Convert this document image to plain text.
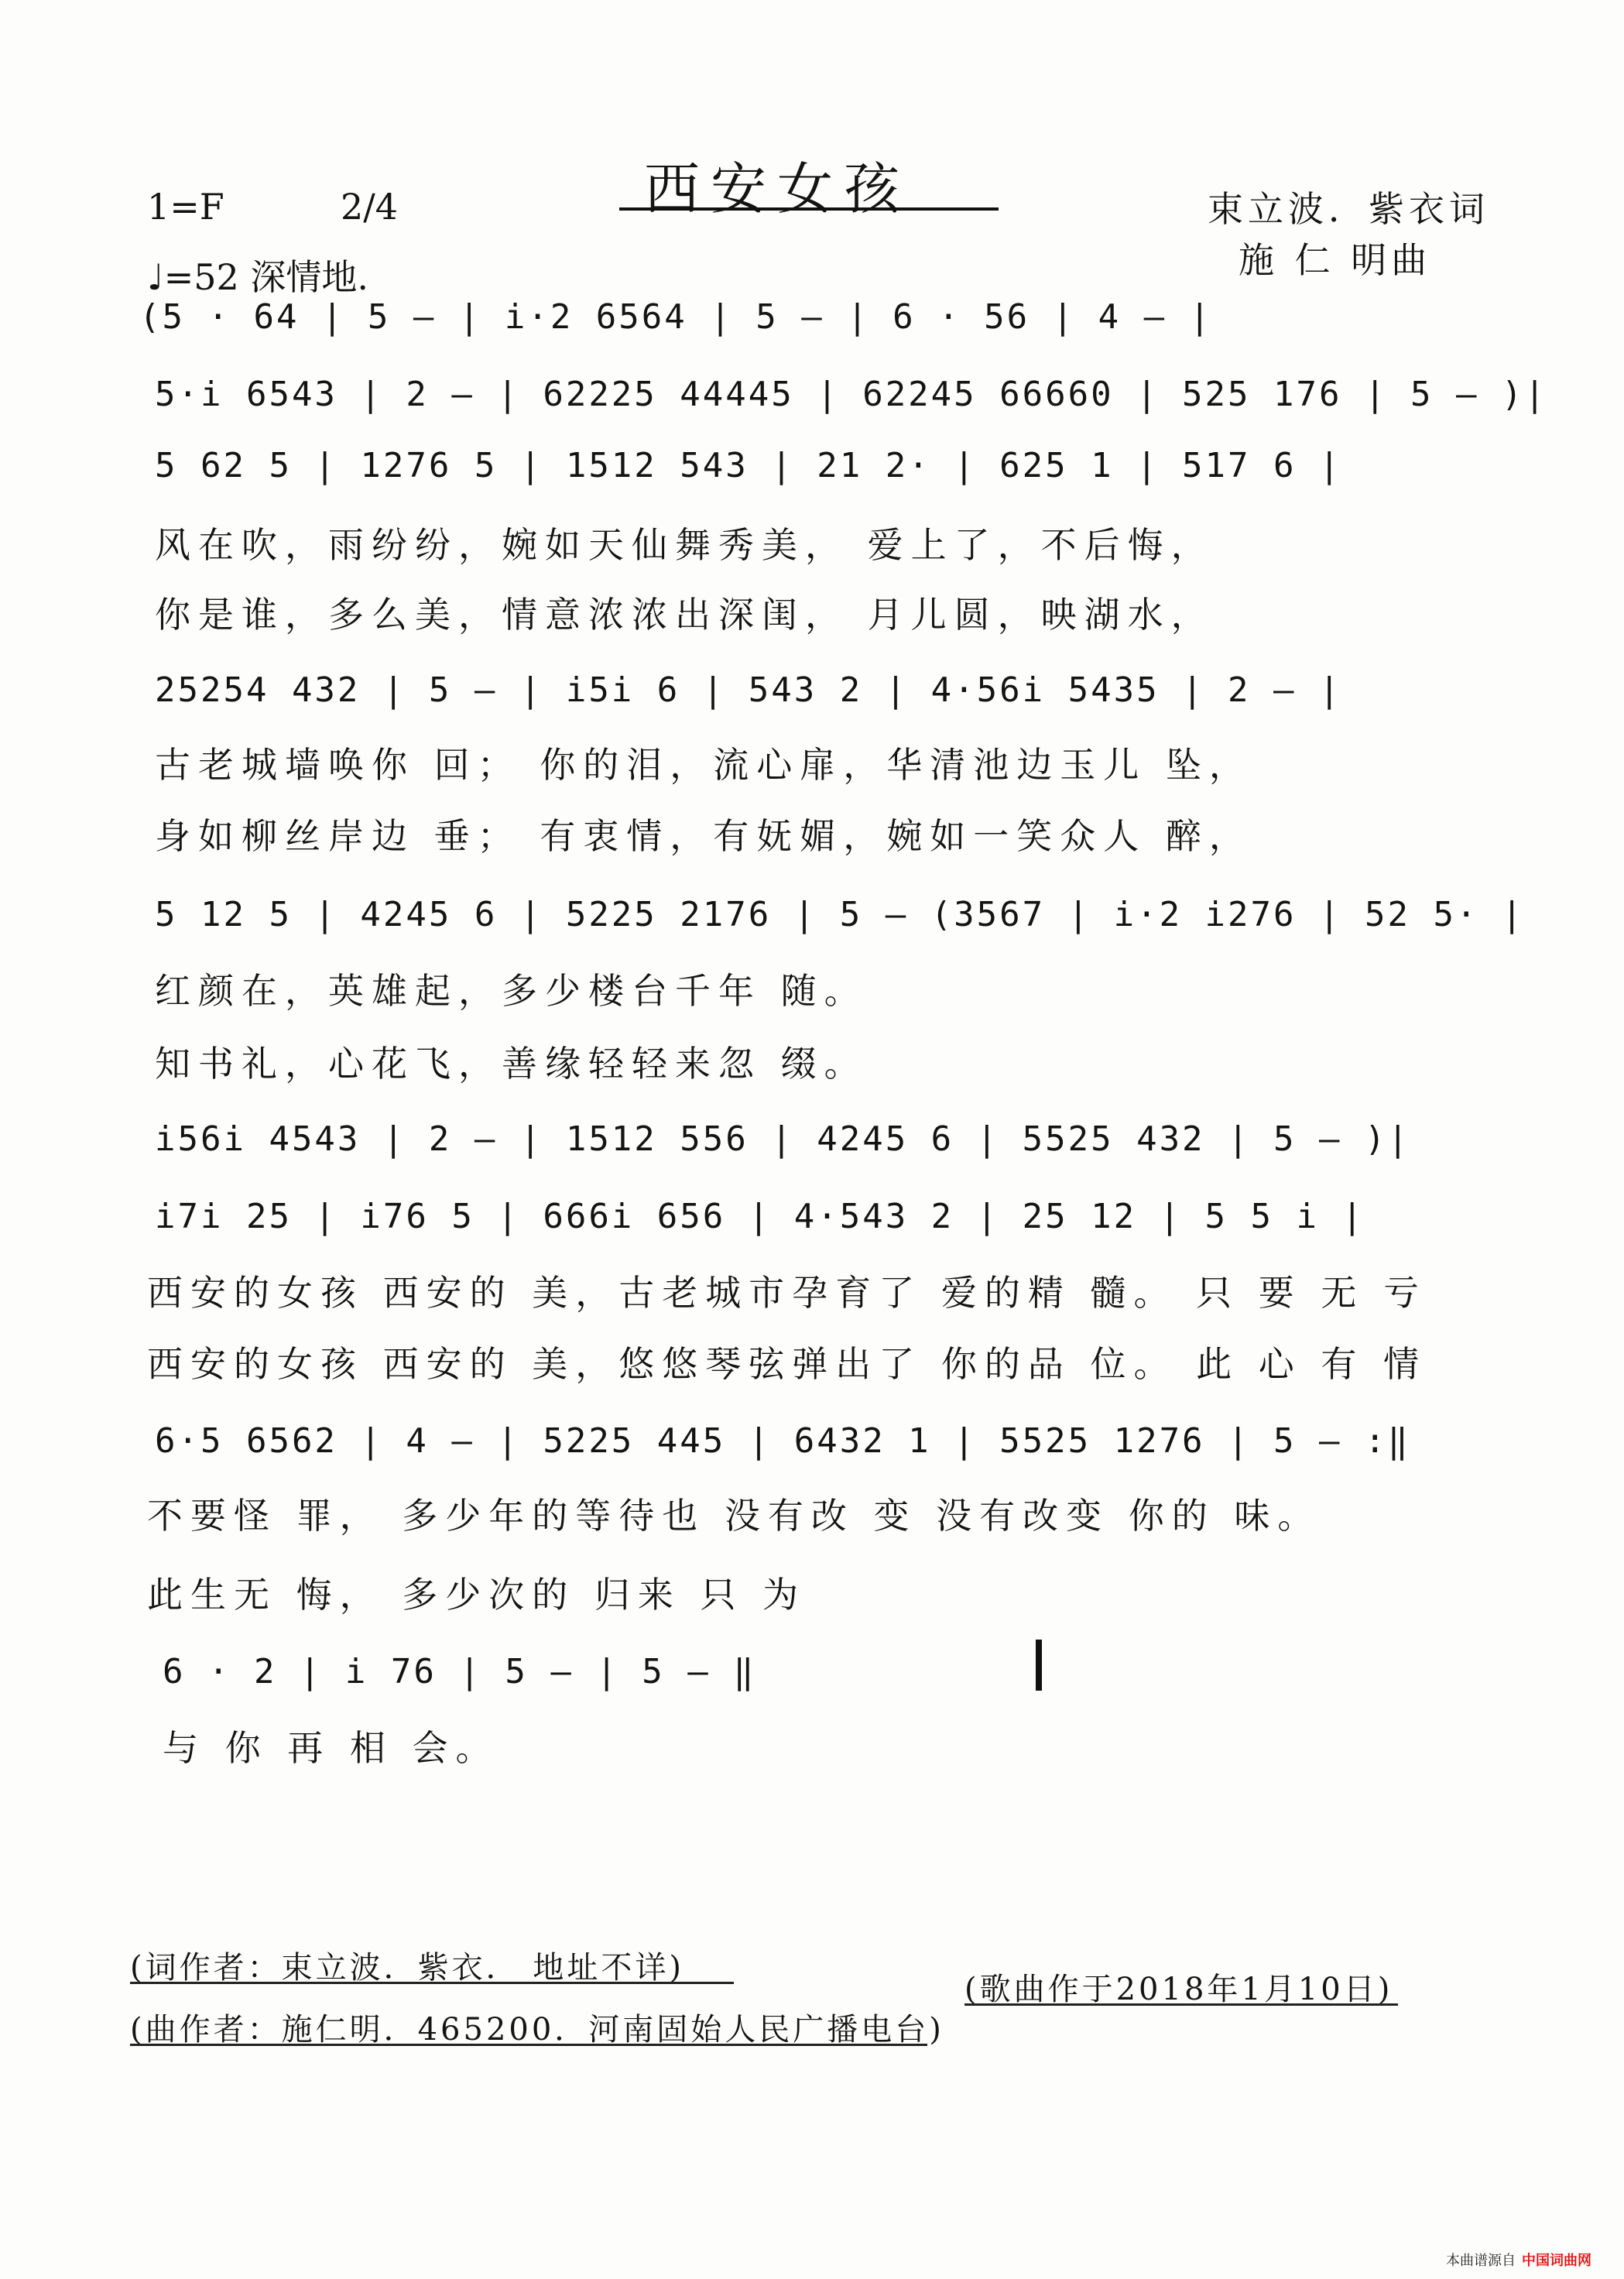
西安女孩
1=F	2/4
♩=52 深情地.
束立波．紫衣词
施 仁 明曲
(5 · 64 | 5 — | i·2 6564 | 5 — | 6 · 56 | 4 — |
5·i 6543 | 2 — | 62225 44445 | 62245 66660 | 525 176 | 5 — )|
5 62 5 | 1276 5 | 1512 543 | 21 2· | 625 1 | 517 6 |
风在吹，雨纷纷，婉如天仙舞秀美， 爱上了，不后悔，
你是谁，多么美，情意浓浓出深闺， 月儿圆，映湖水，
25254 432 | 5 — | i5i 6 | 543 2 | 4·56i 5435 | 2 — |
古老城墙唤你 回； 你的泪，流心扉，华清池边玉儿 坠，
身如柳丝岸边 垂； 有衷情，有妩媚，婉如一笑众人 醉，
5 12 5 | 4245 6 | 5225 2176 | 5 — (3567 | i·2 i276 | 52 5· |
红颜在，英雄起，多少楼台千年 随。
知书礼，心花飞，善缘轻轻来忽 缀。
i56i 4543 | 2 — | 1512 556 | 4245 6 | 5525 432 | 5 — )|
i7i 25 | i76 5 | 666i 656 | 4·543 2 | 25 12 | 5 5 i |
西安的女孩 西安的 美，古老城市孕育了 爱的精 髓。 只 要 无 亏
西安的女孩 西安的 美，悠悠琴弦弹出了 你的品 位。 此 心 有 情
6·5 6562 | 4 — | 5225 445 | 6432 1 | 5525 1276 | 5 — :‖
不要怪 罪， 多少年的等待也 没有改 变 没有改变 你的 味。
此生无 悔， 多少次的 归来 只 为
6 · 2 | i 76 | 5 — | 5 — ‖
与 你 再 相 会。
(词作者：束立波．紫衣． 地址不详)
(曲作者：施仁明．465200．河南固始人民广播电台)
(歌曲作于2018年1月10日)
本曲谱源自 中国词曲网
